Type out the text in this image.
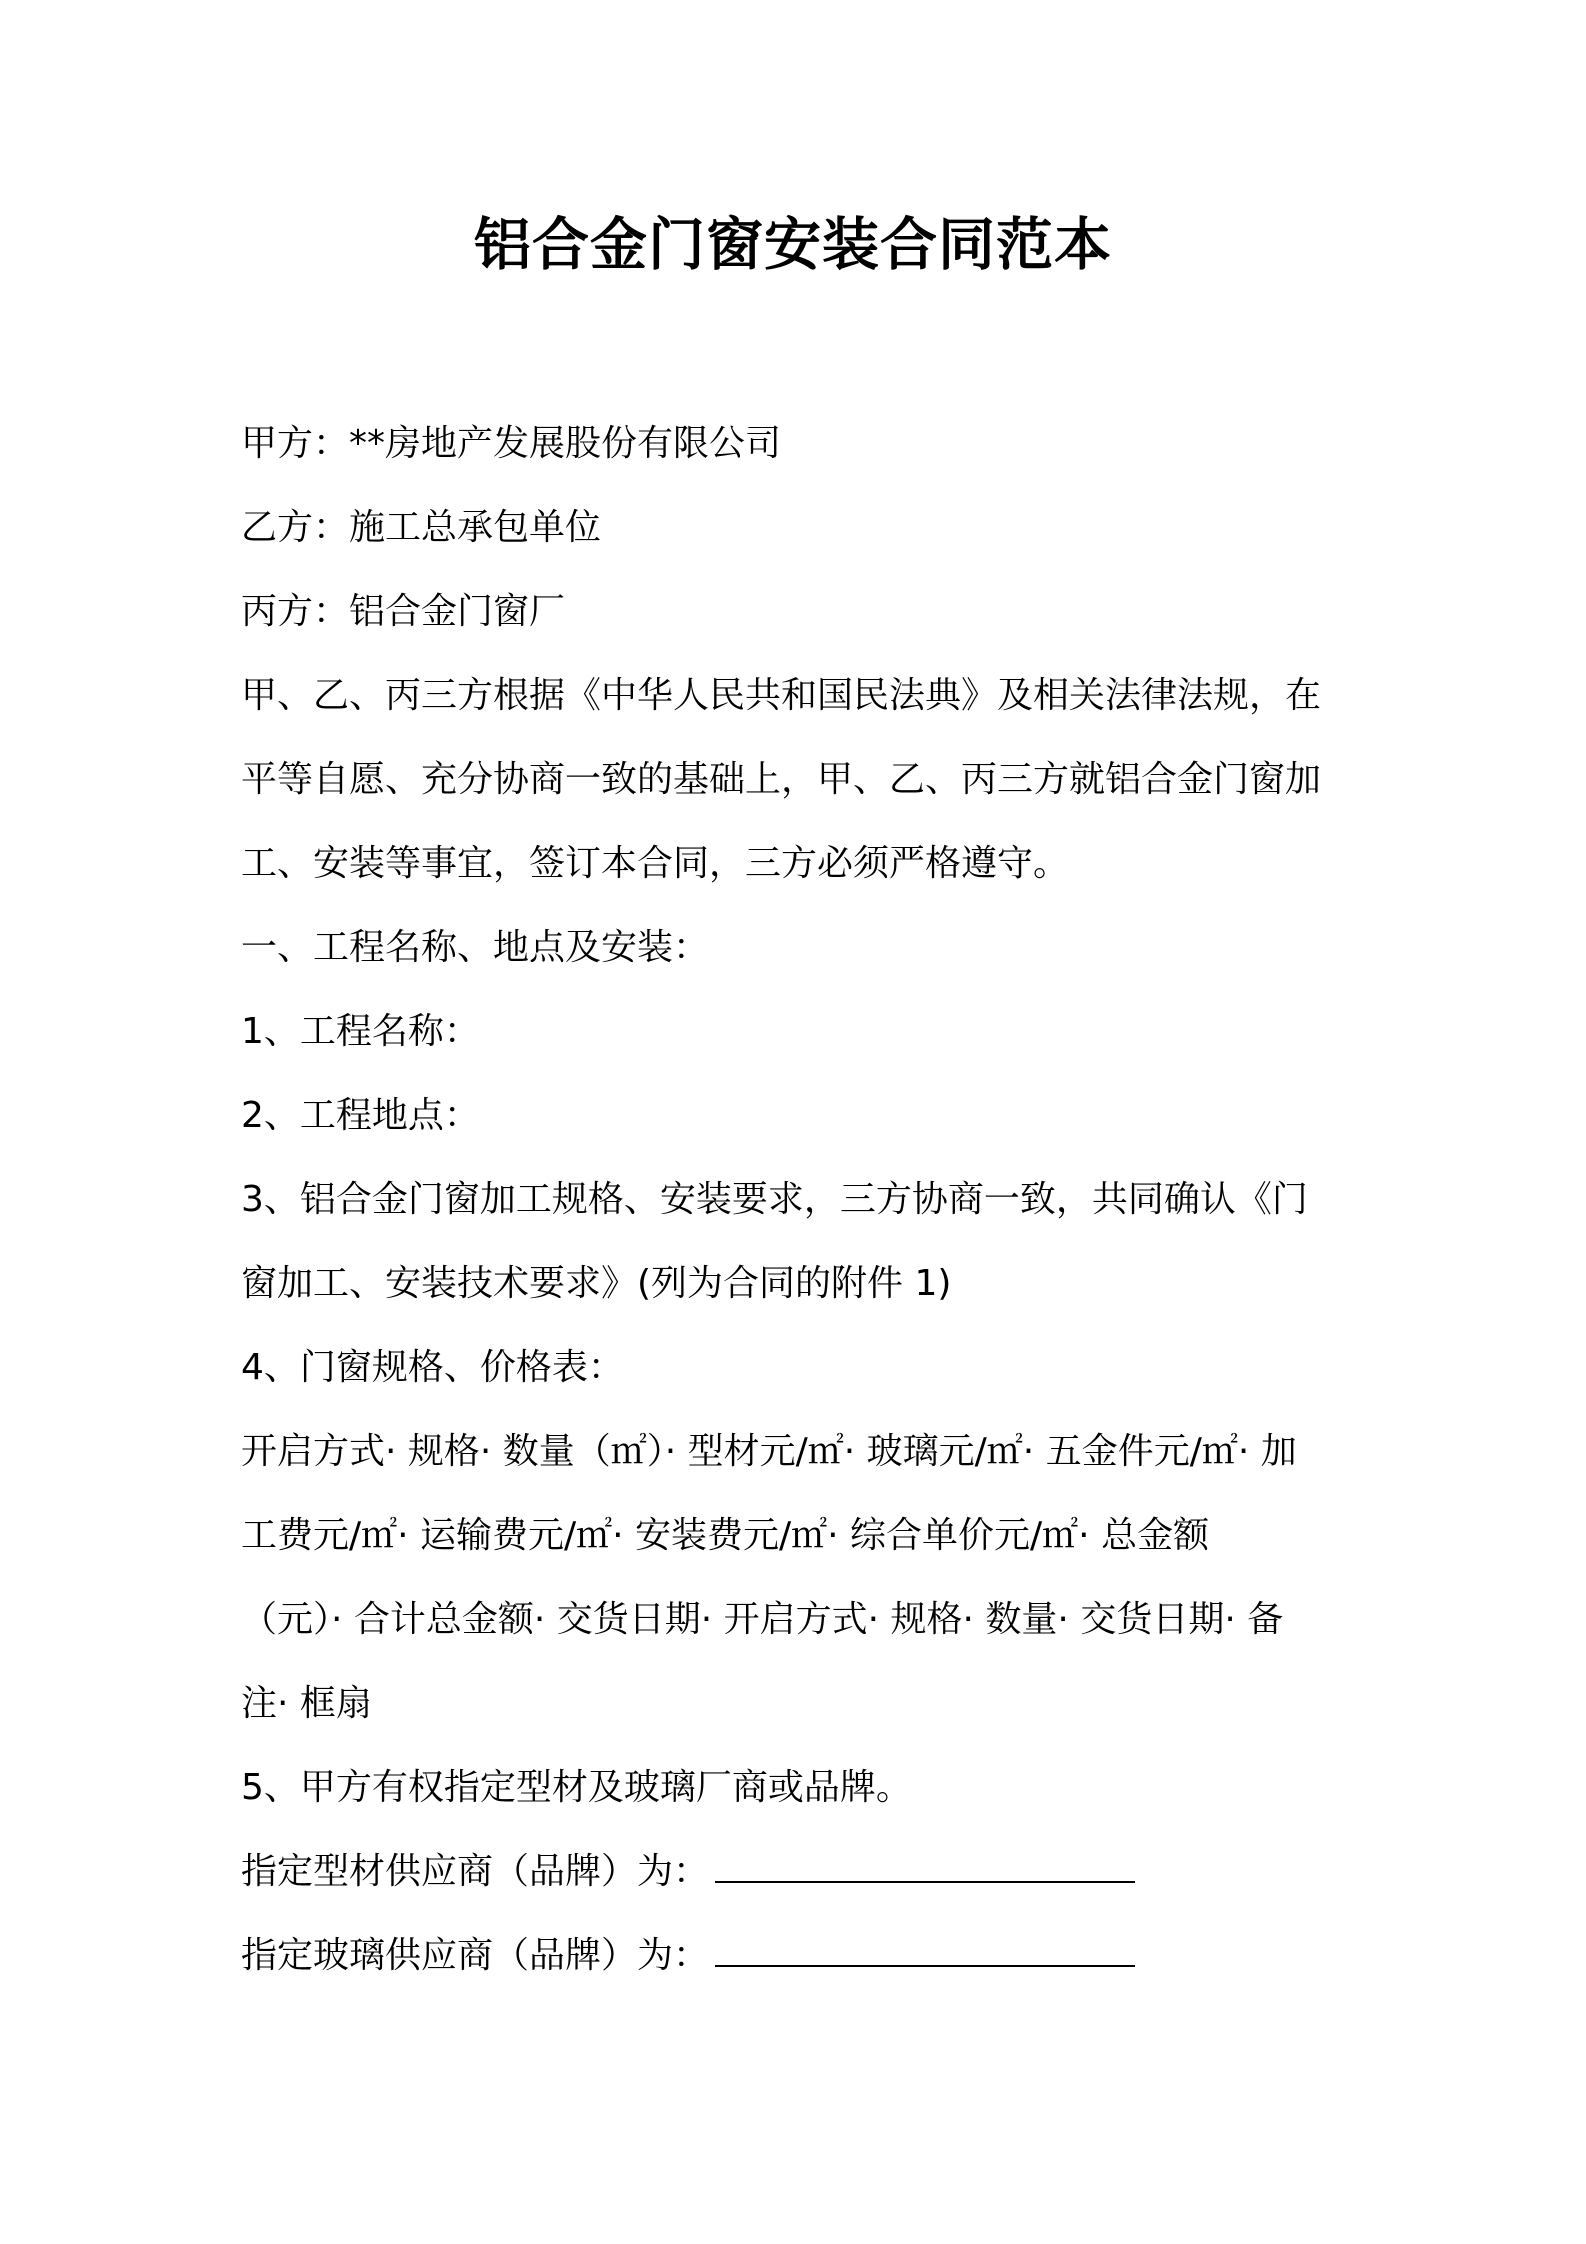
铝合金门窗安装合同范本
甲方：**房地产发展股份有限公司
乙方：施工总承包单位
丙方：铝合金门窗厂
甲、乙、丙三方根据《中华人民共和国民法典》及相关法律法规，在
平等自愿、充分协商一致的基础上，甲、乙、丙三方就铝合金门窗加
工、安装等事宜，签订本合同，三方必须严格遵守。
一、工程名称、地点及安装：
1、工程名称：
2、工程地点：
3、铝合金门窗加工规格、安装要求，三方协商一致，共同确认《门
窗加工、安装技术要求》(列为合同的附件 1)
4、门窗规格、价格表：
开启方式· 规格· 数量（㎡）· 型材元/㎡· 玻璃元/㎡· 五金件元/㎡· 加
工费元/㎡· 运输费元/㎡· 安装费元/㎡· 综合单价元/㎡· 总金额
（元）· 合计总金额· 交货日期· 开启方式· 规格· 数量· 交货日期· 备
注· 框扇
5、甲方有权指定型材及玻璃厂商或品牌。
指定型材供应商（品牌）为：
指定玻璃供应商（品牌）为：
